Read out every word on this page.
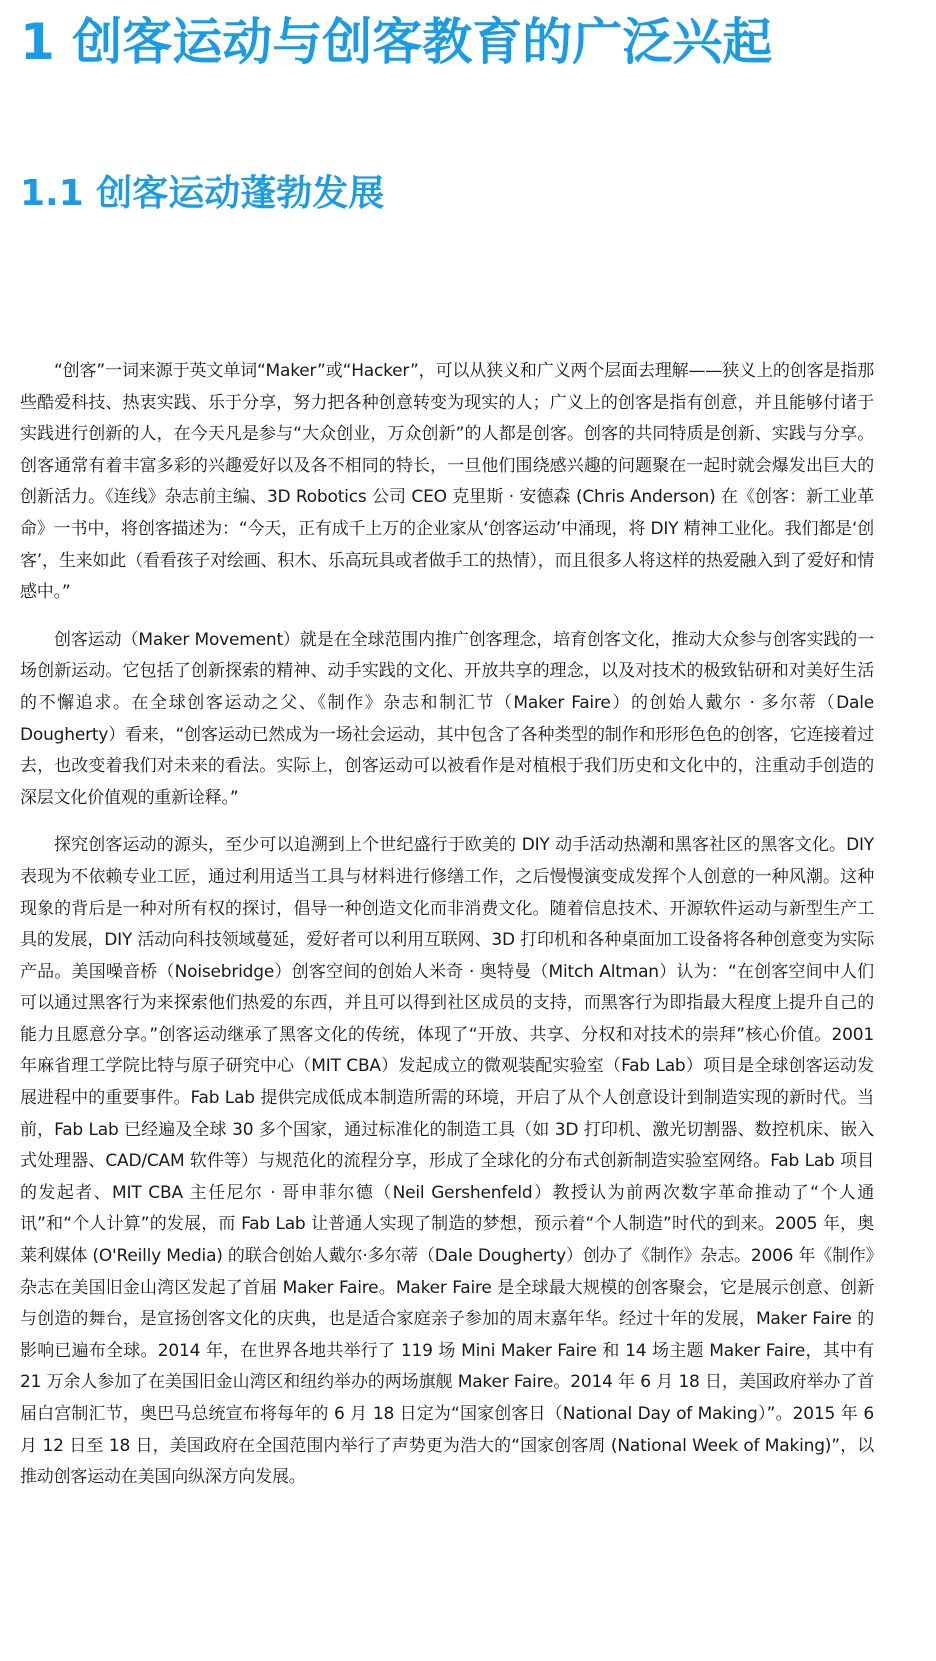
1 创客运动与创客教育的广泛兴起
1.1 创客运动蓬勃发展

“创客”一词来源于英文单词“Maker”或“Hacker”，可以从狭义和广义两个层面去理解——狭义上的创客是指那些酷爱科技、热衷实践、乐于分享，努力把各种创意转变为现实的人；广义上的创客是指有创意，并且能够付诸于实践进行创新的人，在今天凡是参与“大众创业，万众创新”的人都是创客。创客的共同特质是创新、实践与分享。创客通常有着丰富多彩的兴趣爱好以及各不相同的特长，一旦他们围绕感兴趣的问题聚在一起时就会爆发出巨大的创新活力。《连线》杂志前主编、3D Robotics 公司 CEO 克里斯 · 安德森 (Chris Anderson) 在《创客：新工业革命》一书中，将创客描述为：“今天，正有成千上万的企业家从‘创客运动’中涌现，将 DIY 精神工业化。我们都是‘创客’，生来如此（看看孩子对绘画、积木、乐高玩具或者做手工的热情），而且很多人将这样的热爱融入到了爱好和情感中。”

创客运动（Maker Movement）就是在全球范围内推广创客理念，培育创客文化，推动大众参与创客实践的一场创新运动。它包括了创新探索的精神、动手实践的文化、开放共享的理念，以及对技术的极致钻研和对美好生活的不懈追求。在全球创客运动之父、《制作》杂志和制汇节（Maker Faire）的创始人戴尔 · 多尔蒂（Dale Dougherty）看来，“创客运动已然成为一场社会运动，其中包含了各种类型的制作和形形色色的创客，它连接着过去，也改变着我们对未来的看法。实际上，创客运动可以被看作是对植根于我们历史和文化中的，注重动手创造的深层文化价值观的重新诠释。”

探究创客运动的源头，至少可以追溯到上个世纪盛行于欧美的 DIY 动手活动热潮和黑客社区的黑客文化。DIY 表现为不依赖专业工匠，通过利用适当工具与材料进行修缮工作，之后慢慢演变成发挥个人创意的一种风潮。这种现象的背后是一种对所有权的探讨，倡导一种创造文化而非消费文化。随着信息技术、开源软件运动与新型生产工具的发展，DIY 活动向科技领域蔓延，爱好者可以利用互联网、3D 打印机和各种桌面加工设备将各种创意变为实际产品。美国噪音桥（Noisebridge）创客空间的创始人米奇 · 奥特曼（Mitch Altman）认为：“在创客空间中人们可以通过黑客行为来探索他们热爱的东西，并且可以得到社区成员的支持，而黑客行为即指最大程度上提升自己的能力且愿意分享。”创客运动继承了黑客文化的传统，体现了“开放、共享、分权和对技术的崇拜”核心价值。2001 年麻省理工学院比特与原子研究中心（MIT CBA）发起成立的微观装配实验室（Fab Lab）项目是全球创客运动发展进程中的重要事件。Fab Lab 提供完成低成本制造所需的环境，开启了从个人创意设计到制造实现的新时代。当前，Fab Lab 已经遍及全球 30 多个国家，通过标准化的制造工具（如 3D 打印机、激光切割器、数控机床、嵌入式处理器、CAD/CAM 软件等）与规范化的流程分享，形成了全球化的分布式创新制造实验室网络。Fab Lab 项目的发起者、MIT CBA 主任尼尔 · 哥申菲尔德（Neil Gershenfeld）教授认为前两次数字革命推动了“个人通讯”和“个人计算”的发展，而 Fab Lab 让普通人实现了制造的梦想，预示着“个人制造”时代的到来。2005 年，奥莱利媒体 (O'Reilly Media) 的联合创始人戴尔·多尔蒂（Dale Dougherty）创办了《制作》杂志。2006 年《制作》杂志在美国旧金山湾区发起了首届 Maker Faire。Maker Faire 是全球最大规模的创客聚会，它是展示创意、创新与创造的舞台，是宣扬创客文化的庆典，也是适合家庭亲子参加的周末嘉年华。经过十年的发展，Maker Faire 的影响已遍布全球。2014 年，在世界各地共举行了 119 场 Mini Maker Faire 和 14 场主题 Maker Faire，其中有 21 万余人参加了在美国旧金山湾区和纽约举办的两场旗舰 Maker Faire。2014 年 6 月 18 日，美国政府举办了首届白宫制汇节，奥巴马总统宣布将每年的 6 月 18 日定为“国家创客日（National Day of Making）”。2015 年 6 月 12 日至 18 日，美国政府在全国范围内举行了声势更为浩大的“国家创客周 (National Week of Making)”，以推动创客运动在美国向纵深方向发展。
